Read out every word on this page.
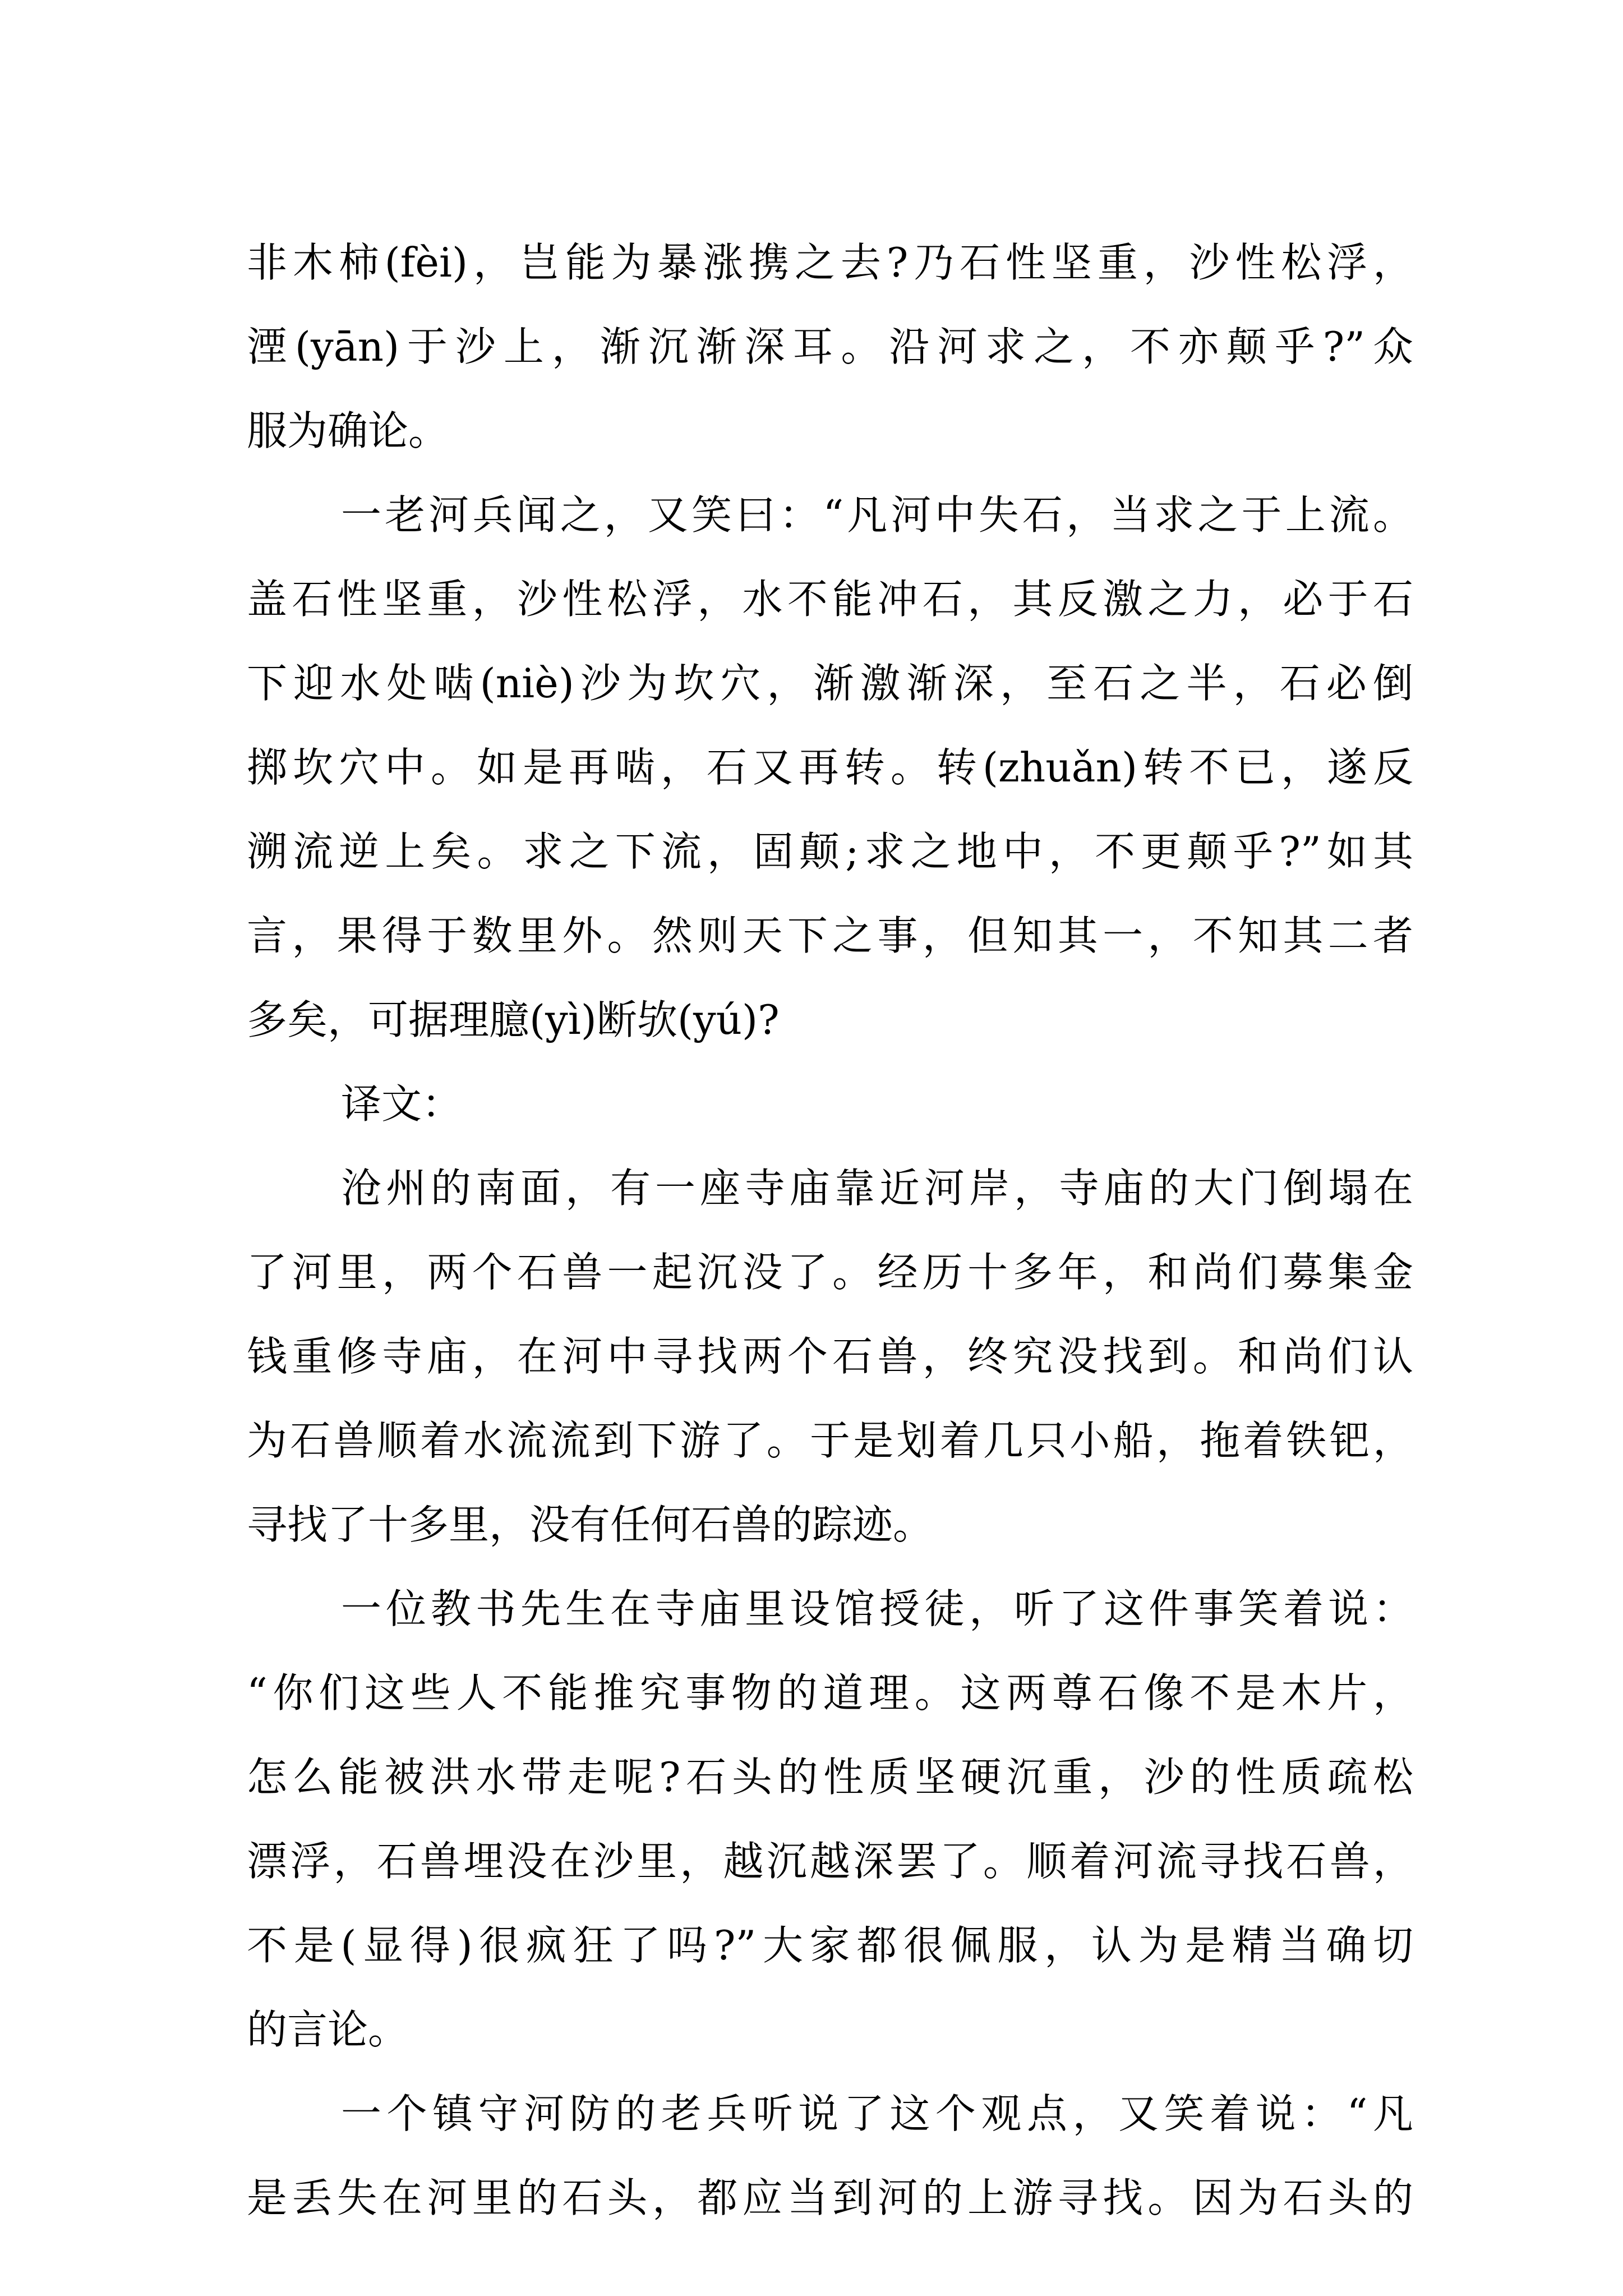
非木柿(fèi)，岂能为暴涨携之去?乃石性坚重，沙性松浮，
湮(yān)于沙上，渐沉渐深耳。沿河求之，不亦颠乎?”众
服为确论。
一老河兵闻之，又笑曰：“凡河中失石，当求之于上流。
盖石性坚重，沙性松浮，水不能冲石，其反激之力，必于石
下迎水处啮(niè)沙为坎穴，渐激渐深，至石之半，石必倒
掷坎穴中。如是再啮，石又再转。转(zhuǎn)转不已，遂反
溯流逆上矣。求之下流，固颠;求之地中，不更颠乎?”如其
言，果得于数里外。然则天下之事，但知其一，不知其二者
多矣，可据理臆(yì)断欤(yú)?
译文：
沧州的南面，有一座寺庙靠近河岸，寺庙的大门倒塌在
了河里，两个石兽一起沉没了。经历十多年，和尚们募集金
钱重修寺庙，在河中寻找两个石兽，终究没找到。和尚们认
为石兽顺着水流流到下游了。于是划着几只小船，拖着铁钯，
寻找了十多里，没有任何石兽的踪迹。
一位教书先生在寺庙里设馆授徒，听了这件事笑着说：
“你们这些人不能推究事物的道理。这两尊石像不是木片，
怎么能被洪水带走呢?石头的性质坚硬沉重，沙的性质疏松
漂浮，石兽埋没在沙里，越沉越深罢了。顺着河流寻找石兽，
不是(显得)很疯狂了吗?”大家都很佩服，认为是精当确切
的言论。
一个镇守河防的老兵听说了这个观点，又笑着说：“凡
是丢失在河里的石头，都应当到河的上游寻找。因为石头的
